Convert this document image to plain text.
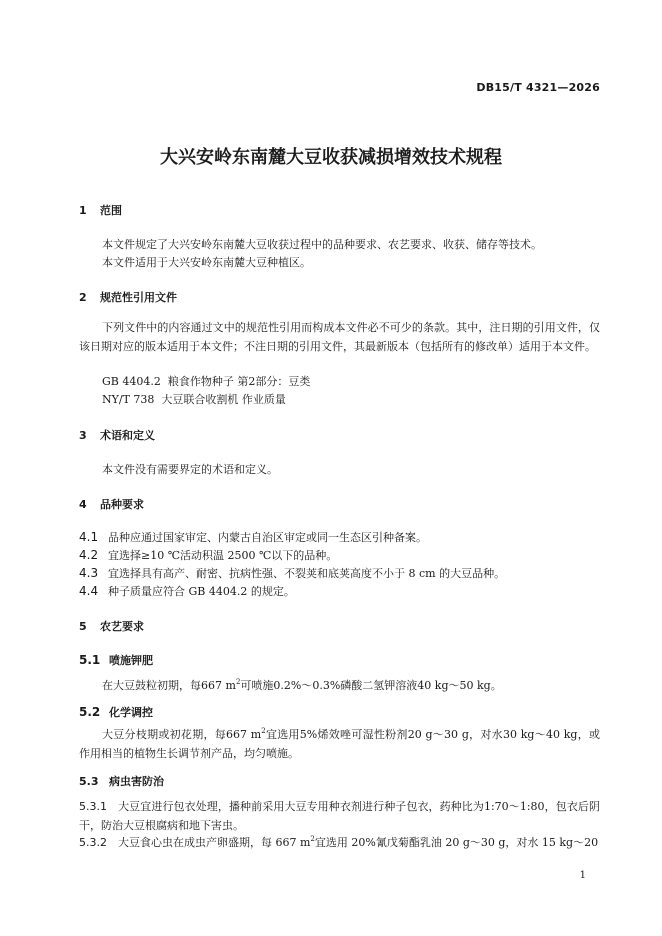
DB15/T 4321—2026
大兴安岭东南麓大豆收获减损增效技术规程
1 范围
本文件规定了大兴安岭东南麓大豆收获过程中的品种要求、农艺要求、收获、储存等技术。
本文件适用于大兴安岭东南麓大豆种植区。
2 规范性引用文件
下列文件中的内容通过文中的规范性引用而构成本文件必不可少的条款。其中，注日期的引用文件，仅该日期对应的版本适用于本文件；不注日期的引用文件，其最新版本（包括所有的修改单）适用于本文件。
GB 4404.2 粮食作物种子 第2部分：豆类
NY/T 738 大豆联合收割机 作业质量
3 术语和定义
本文件没有需要界定的术语和定义。
4 品种要求
4.1 品种应通过国家审定、内蒙古自治区审定或同一生态区引种备案。
4.2 宜选择≥10 ℃活动积温 2500 ℃以下的品种。
4.3 宜选择具有高产、耐密、抗病性强、不裂荚和底荚高度不小于 8 cm 的大豆品种。
4.4 种子质量应符合 GB 4404.2 的规定。
5 农艺要求
5.1 喷施钾肥
在大豆鼓粒初期，每667 $m^2$可喷施0.2%～0.3%磷酸二氢钾溶液40 kg～50 kg。
5.2 化学调控
大豆分枝期或初花期，每667 $m^2$宜选用5%烯效唑可湿性粉剂20 g～30 g，对水30 kg～40 kg，或作用相当的植物生长调节剂产品，均匀喷施。
5.3 病虫害防治
5.3.1 大豆宜进行包衣处理，播种前采用大豆专用种衣剂进行种子包衣，药种比为1:70～1:80，包衣后阴干，防治大豆根腐病和地下害虫。
5.3.2 大豆食心虫在成虫产卵盛期，每 667 $m^2$宜选用 20%氰戊菊酯乳油 20 g～30 g，对水 15 kg～20
1
